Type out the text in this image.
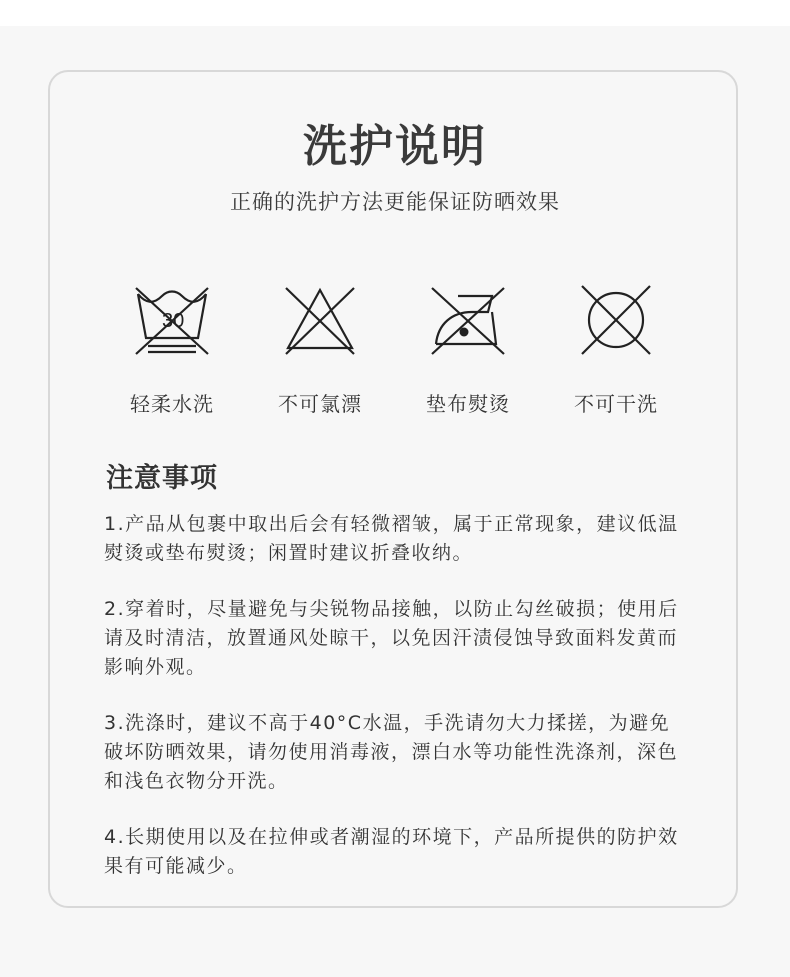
洗护说明
正确的洗护方法更能保证防晒效果
30
轻柔水洗	不可氯漂	垫布熨烫	不可干洗
注意事项

1.产品从包裹中取出后会有轻微褶皱，属于正常现象，建议低温熨烫或垫布熨烫；闲置时建议折叠收纳。

2.穿着时，尽量避免与尖锐物品接触，以防止勾丝破损；使用后请及时清洁，放置通风处晾干，以免因汗渍侵蚀导致面料发黄而影响外观。

3.洗涤时，建议不高于40°C水温，手洗请勿大力揉搓，为避免破坏防晒效果，请勿使用消毒液，漂白水等功能性洗涤剂，深色和浅色衣物分开洗。

4.长期使用以及在拉伸或者潮湿的环境下，产品所提供的防护效果有可能减少。
